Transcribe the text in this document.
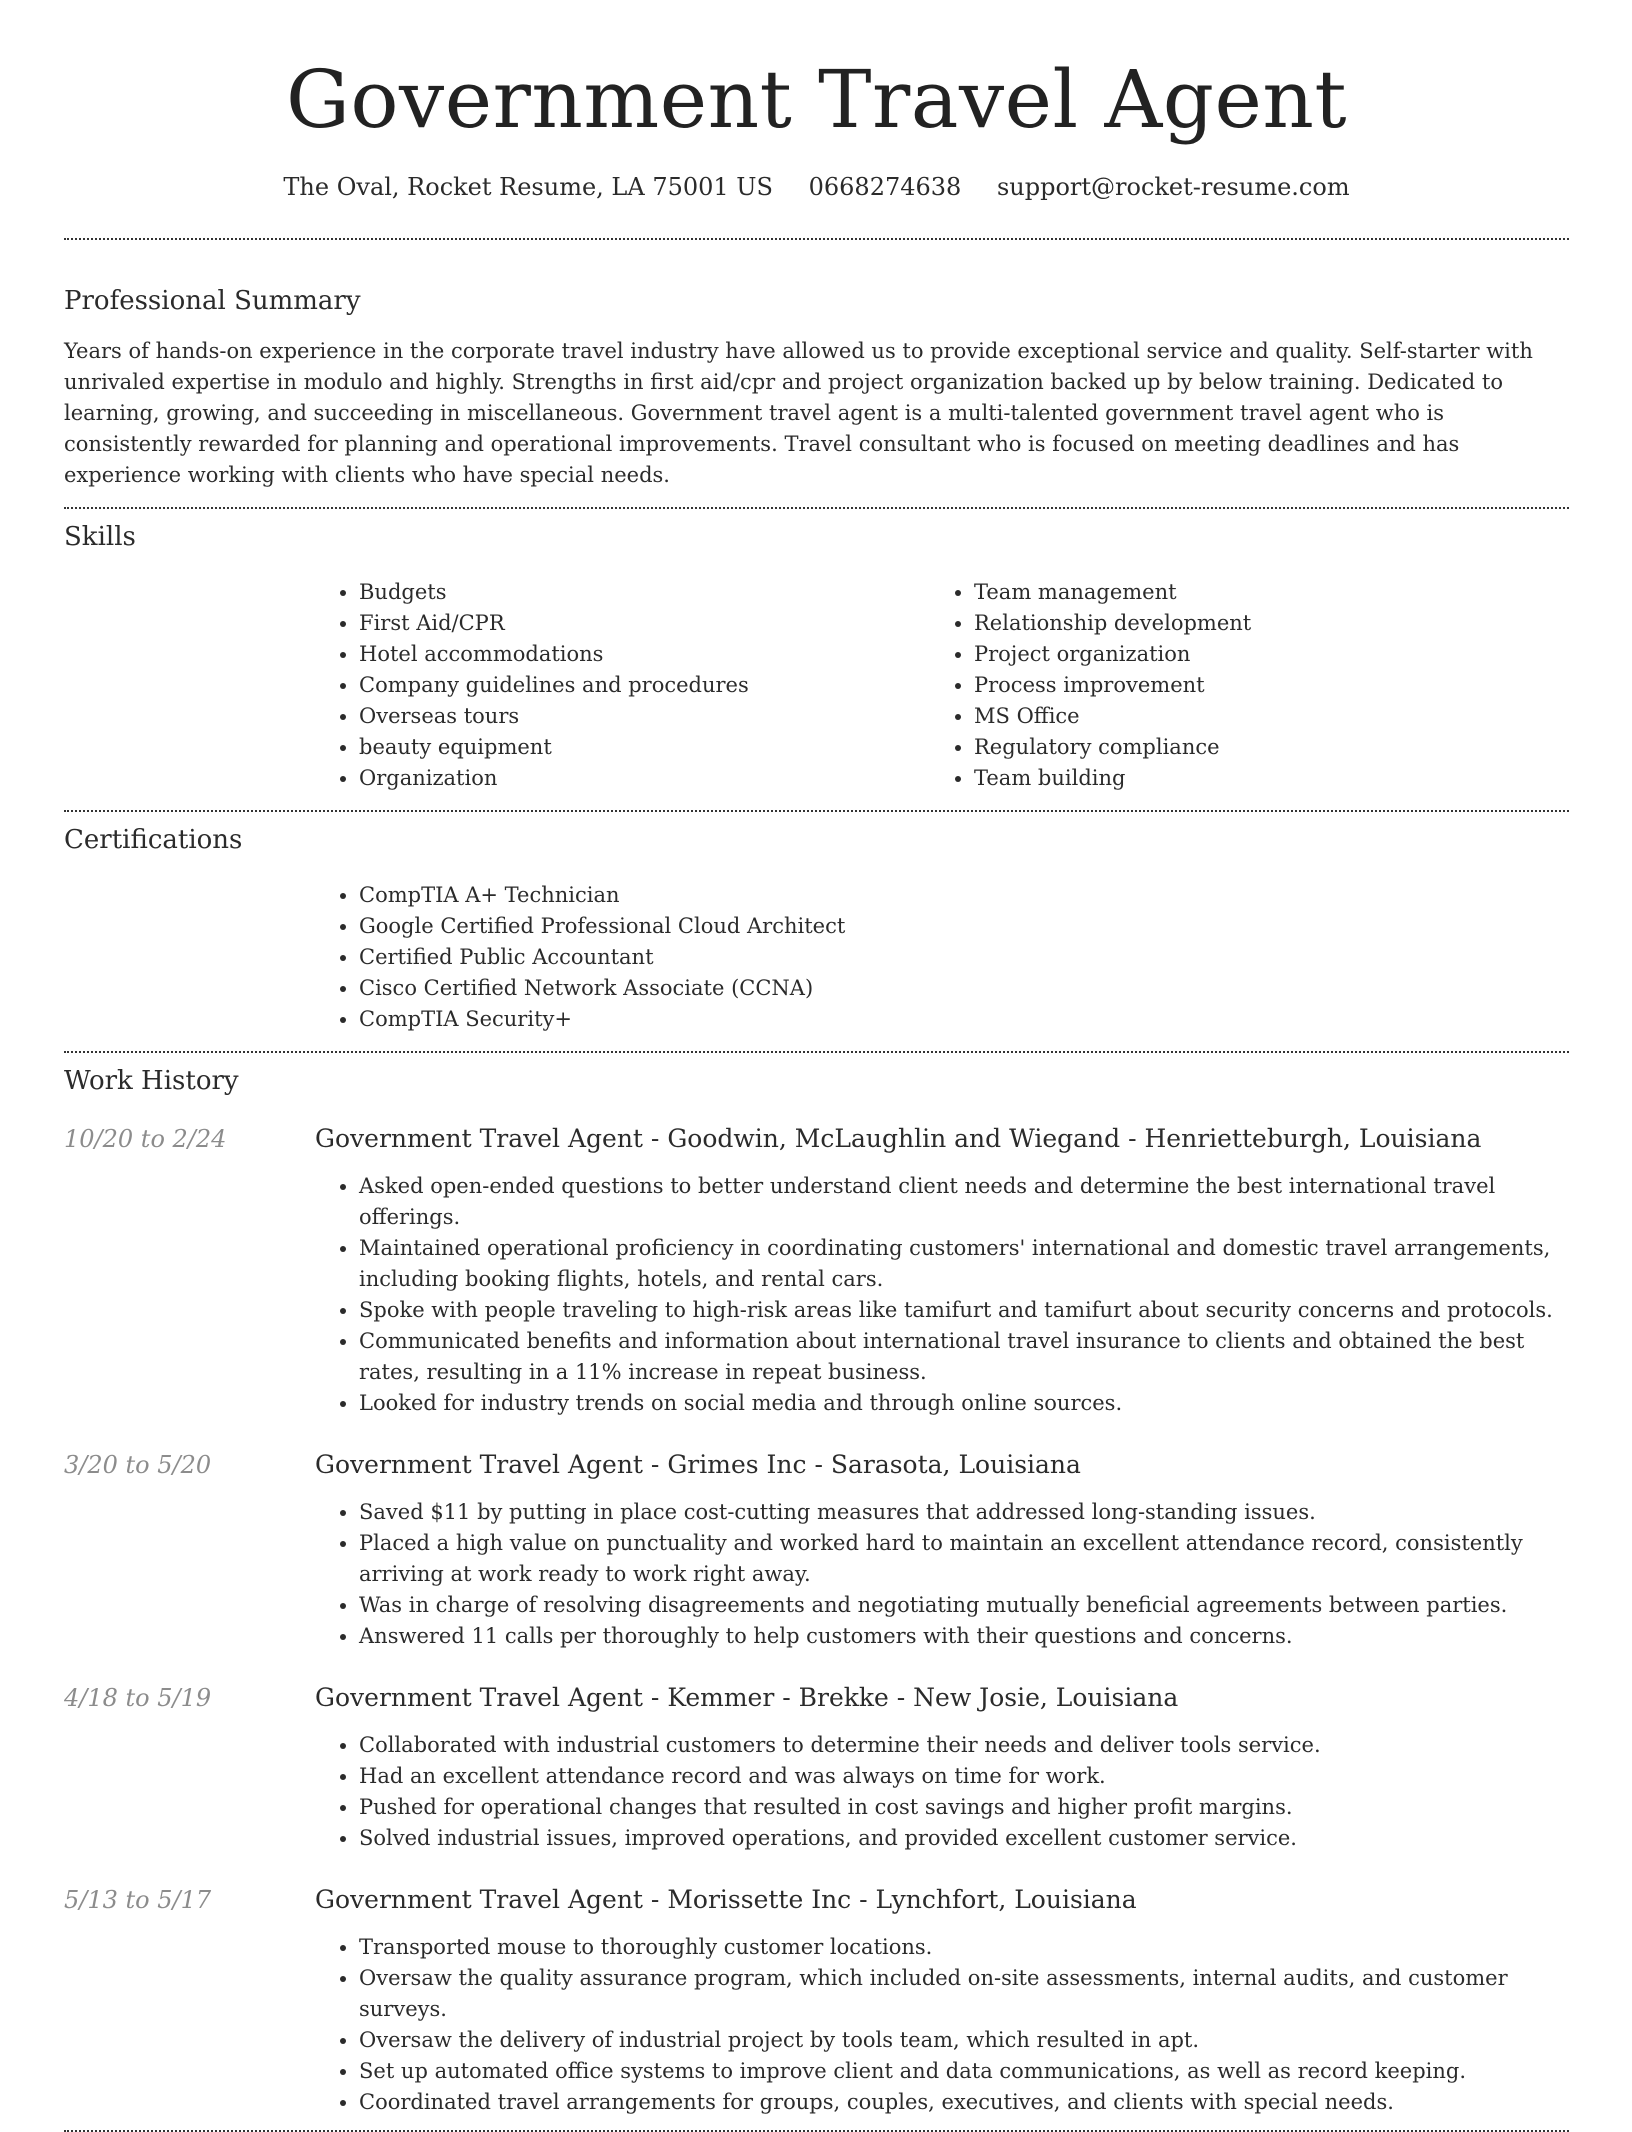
Government Travel Agent
The Oval, Rocket Resume, LA 75001 US 0668274638 support@rocket-resume.com
Professional Summary

Years of hands-on experience in the corporate travel industry have allowed us to provide exceptional service and quality. Self-starter with unrivaled expertise in modulo and highly. Strengths in first aid/cpr and project organization backed up by below training. Dedicated to learning, growing, and succeeding in miscellaneous. Government travel agent is a multi-talented government travel agent who is consistently rewarded for planning and operational improvements. Travel consultant who is focused on meeting deadlines and has experience working with clients who have special needs.

Skills
• Budgets
• First Aid/CPR
• Hotel accommodations
• Company guidelines and procedures
• Overseas tours
• beauty equipment
• Organization
• Team management
• Relationship development
• Project organization
• Process improvement
• MS Office
• Regulatory compliance
• Team building
Certifications
• CompTIA A+ Technician
• Google Certified Professional Cloud Architect
• Certified Public Accountant
• Cisco Certified Network Associate (CCNA)
• CompTIA Security+
Work History
10/20 to 2/24	Government Travel Agent - Goodwin, McLaughlin and Wiegand - Henrietteburgh, Louisiana
• Asked open-ended questions to better understand client needs and determine the best international travel offerings.
• Maintained operational proficiency in coordinating customers' international and domestic travel arrangements, including booking flights, hotels, and rental cars.
• Spoke with people traveling to high-risk areas like tamifurt and tamifurt about security concerns and protocols.
• Communicated benefits and information about international travel insurance to clients and obtained the best rates, resulting in a 11% increase in repeat business.
• Looked for industry trends on social media and through online sources.
3/20 to 5/20	Government Travel Agent - Grimes Inc - Sarasota, Louisiana
• Saved $11 by putting in place cost-cutting measures that addressed long-standing issues.
• Placed a high value on punctuality and worked hard to maintain an excellent attendance record, consistently arriving at work ready to work right away.
• Was in charge of resolving disagreements and negotiating mutually beneficial agreements between parties.
• Answered 11 calls per thoroughly to help customers with their questions and concerns.
4/18 to 5/19	Government Travel Agent - Kemmer - Brekke - New Josie, Louisiana
• Collaborated with industrial customers to determine their needs and deliver tools service.
• Had an excellent attendance record and was always on time for work.
• Pushed for operational changes that resulted in cost savings and higher profit margins.
• Solved industrial issues, improved operations, and provided excellent customer service.
5/13 to 5/17	Government Travel Agent - Morissette Inc - Lynchfort, Louisiana
• Transported mouse to thoroughly customer locations.
• Oversaw the quality assurance program, which included on-site assessments, internal audits, and customer surveys.
• Oversaw the delivery of industrial project by tools team, which resulted in apt.
• Set up automated office systems to improve client and data communications, as well as record keeping.
• Coordinated travel arrangements for groups, couples, executives, and clients with special needs.
